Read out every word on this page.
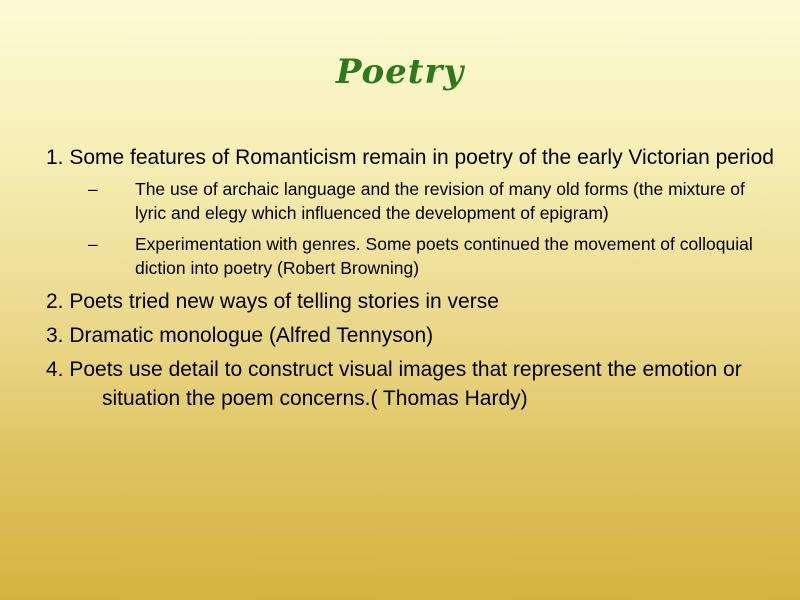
Poetry
1. Some features of Romanticism remain in poetry of the early Victorian period
– The use of archaic language and the revision of many old forms (the mixture of lyric and elegy which influenced the development of epigram)
– Experimentation with genres. Some poets continued the movement of colloquial diction into poetry (Robert Browning)
2. Poets tried new ways of telling stories in verse
3. Dramatic monologue (Alfred Tennyson)
4. Poets use detail to construct visual images that represent the emotion or situation the poem concerns.( Thomas Hardy)
